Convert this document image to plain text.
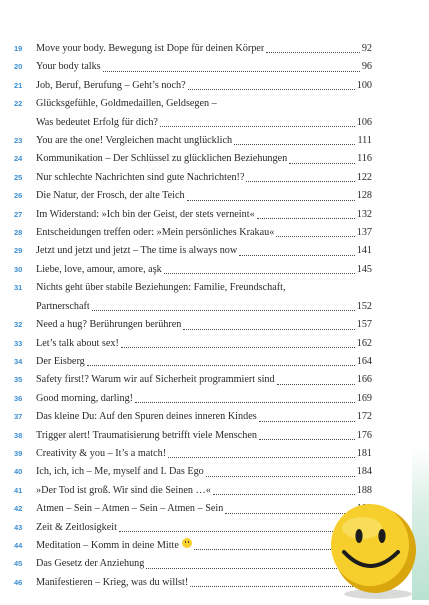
19	Move your body. Bewegung ist Dope für deinen Körper	92
20	Your body talks	96
21	Job, Beruf, Berufung – Geht’s noch?	100
22	Glücksgefühle, Goldmedaillen, Geldsegen –
Was bedeutet Erfolg für dich?	106
23	You are the one! Vergleichen macht unglücklich	111
24	Kommunikation – Der Schlüssel zu glücklichen Beziehungen	116
25	Nur schlechte Nachrichten sind gute Nachrichten!?	122
26	Die Natur, der Frosch, der alte Teich	128
27	Im Widerstand: »Ich bin der Geist, der stets verneint«	132
28	Entscheidungen treffen oder: »Mein persönliches Krakau«	137
29	Jetzt und jetzt und jetzt – The time is always now	141
30	Liebe, love, amour, amore, aşk	145
31	Nichts geht über stabile Beziehungen: Familie, Freundschaft,
Partnerschaft	152
32	Need a hug? Berührungen berühren	157
33	Let’s talk about sex!	162
34	Der Eisberg	164
35	Safety first!? Warum wir auf Sicherheit programmiert sind	166
36	Good morning, darling!	169
37	Das kleine Du: Auf den Spuren deines inneren Kindes	172
38	Trigger alert! Traumatisierung betrifft viele Menschen	176
39	Creativity & you – It’s a match!	181
40	Ich, ich, ich – Me, myself and I. Das Ego	184
41	»Der Tod ist groß. Wir sind die Seinen …«	188
42	Atmen – Sein – Atmen – Sein – Atmen – Sein
43	Zeit & Zeitlosigkeit
44	Meditation – Komm in deine Mitte
45	Das Gesetz der Anziehung
46	Manifestieren – Krieg, was du willst!
